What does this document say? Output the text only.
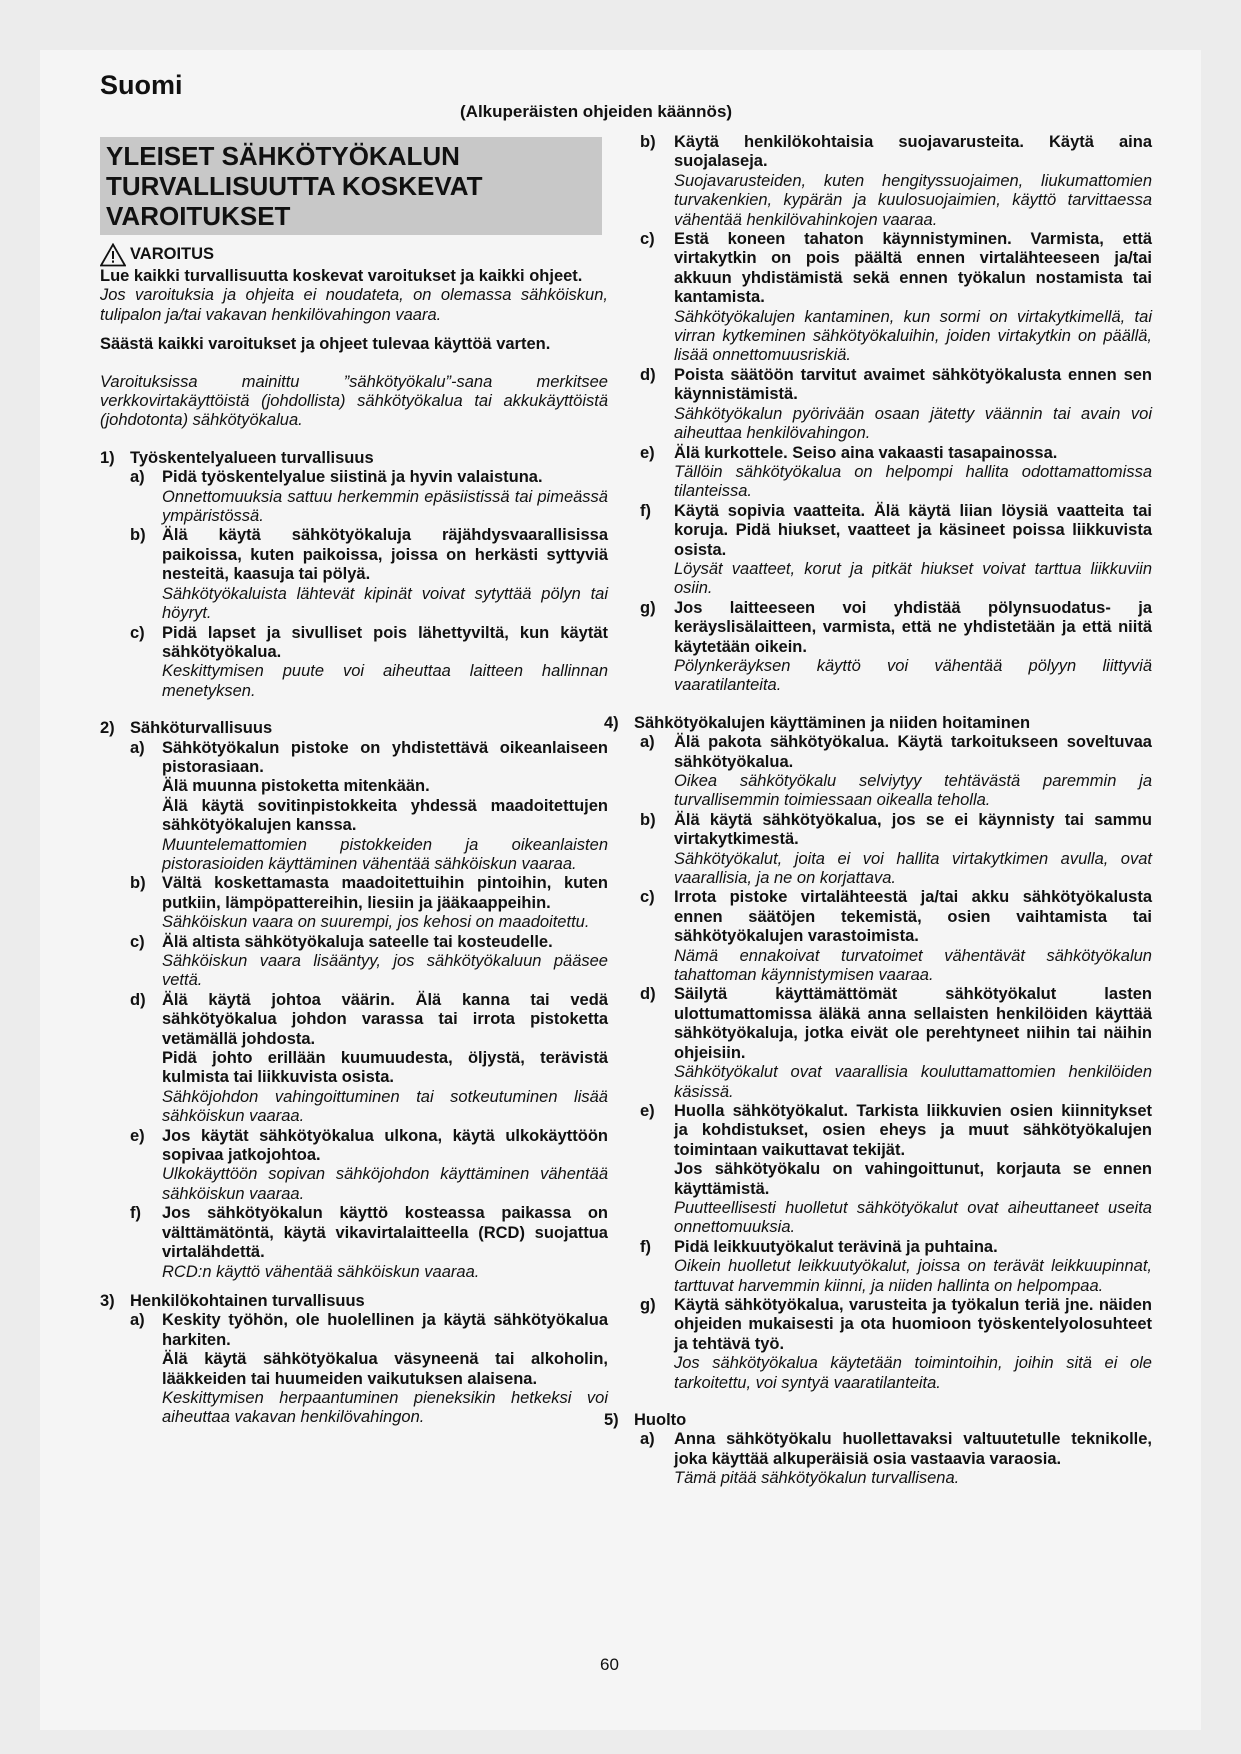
Suomi
(Alkuperäisten ohjeiden käännös)
YLEISET SÄHKÖTYÖKALUN
TURVALLISUUTTA KOSKEVAT
VAROITUKSET
VAROITUS

Lue kaikki turvallisuutta koskevat varoitukset ja kaikki ohjeet.

Jos varoituksia ja ohjeita ei noudateta, on olemassa sähköiskun, tulipalon ja/tai vakavan henkilövahingon vaara.

Säästä kaikki varoitukset ja ohjeet tulevaa käyttöä varten.

Varoituksissa mainittu ”sähkötyökalu”-sana merkitsee verkkovirtakäyttöistä (johdollista) sähkötyökalua tai akkukäyttöistä (johdotonta) sähkötyökalua.

1) Työskentelyalueen turvallisuus
a)	Pidä työskentelyalue siistinä ja hyvin valaistuna.

Onnettomuuksia sattuu herkemmin epäsiistissä tai pimeässä ympäristössä.

b) Älä käytä sähkötyökaluja räjähdysvaarallisissa paikoissa, kuten paikoissa, joissa on herkästi syttyviä nesteitä, kaasuja tai pölyä.

Sähkötyökaluista lähtevät kipinät voivat sytyttää pölyn tai höyryt.

c)	Pidä lapset ja sivulliset pois lähettyviltä, kun käytät sähkötyökalua.

Keskittymisen puute voi aiheuttaa laitteen hallinnan menetyksen.

2) Sähköturvallisuus
a)	Sähkötyökalun pistoke on yhdistettävä oikeanlaiseen pistorasiaan.

Älä muunna pistoketta mitenkään.

Älä käytä sovitinpistokkeita yhdessä maadoitettujen sähkötyökalujen kanssa.

Muuntelemattomien pistokkeiden ja oikeanlaisten pistorasioiden käyttäminen vähentää sähköiskun vaaraa.

b) Vältä koskettamasta maadoitettuihin pintoihin, kuten putkiin, lämpöpattereihin, liesiin ja jääkaappeihin.

Sähköiskun vaara on suurempi, jos kehosi on maadoitettu.

c)	Älä altista sähkötyökaluja sateelle tai kosteudelle.

Sähköiskun vaara lisääntyy, jos sähkötyökaluun pääsee vettä.

d) Älä käytä johtoa väärin. Älä kanna tai vedä sähkötyökalua johdon varassa tai irrota pistoketta vetämällä johdosta.

Pidä johto erillään kuumuudesta, öljystä, terävistä kulmista tai liikkuvista osista.

Sähköjohdon vahingoittuminen tai sotkeutuminen lisää sähköiskun vaaraa.

e)	Jos käytät sähkötyökalua ulkona, käytä ulkokäyttöön sopivaa jatkojohtoa.

Ulkokäyttöön sopivan sähköjohdon käyttäminen vähentää sähköiskun vaaraa.

f)	Jos sähkötyökalun käyttö kosteassa paikassa on välttämätöntä, käytä vikavirtalaitteella (RCD) suojattua virtalähdettä.

RCD:n käyttö vähentää sähköiskun vaaraa.

3) Henkilökohtainen turvallisuus
a)	Keskity työhön, ole huolellinen ja käytä sähkötyökalua harkiten.

Älä käytä sähkötyökalua väsyneenä tai alkoholin, lääkkeiden tai huumeiden vaikutuksen alaisena.

Keskittymisen herpaantuminen pieneksikin hetkeksi voi aiheuttaa vakavan henkilövahingon.

b)	Käytä henkilökohtaisia suojavarusteita. Käytä aina suojalaseja.

Suojavarusteiden, kuten hengityssuojaimen, liukumattomien turvakenkien, kypärän ja kuulosuojaimien, käyttö tarvittaessa vähentää henkilövahinkojen vaaraa.

c)	Estä koneen tahaton käynnistyminen. Varmista, että virtakytkin on pois päältä ennen virtalähteeseen ja/tai akkuun yhdistämistä sekä ennen työkalun nostamista tai kantamista.

Sähkötyökalujen kantaminen, kun sormi on virtakytkimellä, tai virran kytkeminen sähkötyökaluihin, joiden virtakytkin on päällä, lisää onnettomuusriskiä.

d)	Poista säätöön tarvitut avaimet sähkötyökalusta ennen sen käynnistämistä.

Sähkötyökalun pyörivään osaan jätetty väännin tai avain voi aiheuttaa henkilövahingon.

e)	Älä kurkottele. Seiso aina vakaasti tasapainossa.

Tällöin sähkötyökalua on helpompi hallita odottamattomissa tilanteissa.

f)	Käytä sopivia vaatteita. Älä käytä liian löysiä vaatteita tai koruja. Pidä hiukset, vaatteet ja käsineet poissa liikkuvista osista.

Löysät vaatteet, korut ja pitkät hiukset voivat tarttua liikkuviin osiin.

g)	Jos laitteeseen voi yhdistää pölynsuodatus- ja keräyslisälaitteen, varmista, että ne yhdistetään ja että niitä käytetään oikein.

Pölynkeräyksen käyttö voi vähentää pölyyn liittyviä vaaratilanteita.

4) Sähkötyökalujen käyttäminen ja niiden hoitaminen
a)	Älä pakota sähkötyökalua. Käytä tarkoitukseen soveltuvaa sähkötyökalua.

Oikea sähkötyökalu selviytyy tehtävästä paremmin ja turvallisemmin toimiessaan oikealla teholla.

b)	Älä käytä sähkötyökalua, jos se ei käynnisty tai sammu virtakytkimestä.

Sähkötyökalut, joita ei voi hallita virtakytkimen avulla, ovat vaarallisia, ja ne on korjattava.

c)	Irrota pistoke virtalähteestä ja/tai akku sähkötyökalusta ennen säätöjen tekemistä, osien vaihtamista tai sähkötyökalujen varastoimista.

Nämä ennakoivat turvatoimet vähentävät sähkötyökalun tahattoman käynnistymisen vaaraa.

d)	Säilytä käyttämättömät sähkötyökalut lasten ulottumattomissa äläkä anna sellaisten henkilöiden käyttää sähkötyökaluja, jotka eivät ole perehtyneet niihin tai näihin ohjeisiin.

Sähkötyökalut ovat vaarallisia kouluttamattomien henkilöiden käsissä.

e)	Huolla sähkötyökalut. Tarkista liikkuvien osien kiinnitykset ja kohdistukset, osien eheys ja muut sähkötyökalujen toimintaan vaikuttavat tekijät.

Jos sähkötyökalu on vahingoittunut, korjauta se ennen käyttämistä.

Puutteellisesti huolletut sähkötyökalut ovat aiheuttaneet useita onnettomuuksia.

f)	Pidä leikkuutyökalut terävinä ja puhtaina.

Oikein huolletut leikkuutyökalut, joissa on terävät leikkuupinnat, tarttuvat harvemmin kiinni, ja niiden hallinta on helpompaa.

g)	Käytä sähkötyökalua, varusteita ja työkalun teriä jne. näiden ohjeiden mukaisesti ja ota huomioon työskentelyolosuhteet ja tehtävä työ.

Jos sähkötyökalua käytetään toimintoihin, joihin sitä ei ole tarkoitettu, voi syntyä vaaratilanteita.

5) Huolto
a)	Anna sähkötyökalu huollettavaksi valtuutetulle teknikolle, joka käyttää alkuperäisiä osia vastaavia varaosia.

Tämä pitää sähkötyökalun turvallisena.

60
